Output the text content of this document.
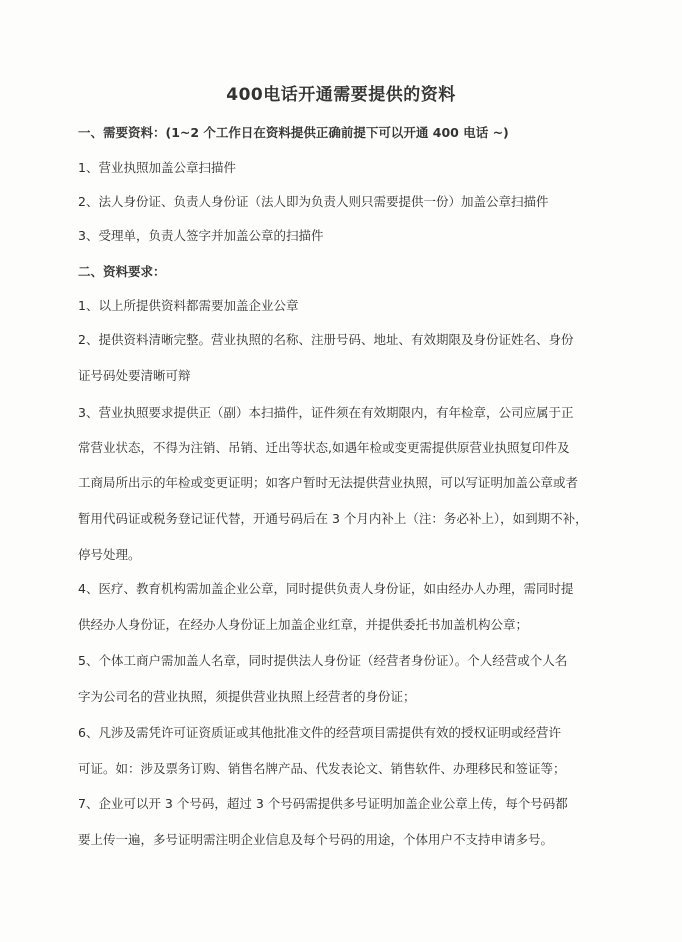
400电话开通需要提供的资料
一、需要资料：(1~2 个工作日在资料提供正确前提下可以开通 400 电话 ~)
1、营业执照加盖公章扫描件
2、法人身份证、负责人身份证（法人即为负责人则只需要提供一份）加盖公章扫描件
3、受理单，负责人签字并加盖公章的扫描件
二、资料要求：
1、以上所提供资料都需要加盖企业公章
2、提供资料清晰完整。营业执照的名称、注册号码、地址、有效期限及身份证姓名、身份
证号码处要清晰可辩
3、营业执照要求提供正（副）本扫描件，证件须在有效期限内，有年检章，公司应属于正
常营业状态，不得为注销、吊销、迁出等状态,如遇年检或变更需提供原营业执照复印件及
工商局所出示的年检或变更证明；如客户暂时无法提供营业执照，可以写证明加盖公章或者
暂用代码证或税务登记证代替，开通号码后在 3 个月内补上（注：务必补上），如到期不补，
停号处理。
4、医疗、教育机构需加盖企业公章，同时提供负责人身份证，如由经办人办理，需同时提
供经办人身份证，在经办人身份证上加盖企业红章，并提供委托书加盖机构公章；
5、个体工商户需加盖人名章，同时提供法人身份证（经营者身份证）。个人经营或个人名
字为公司名的营业执照，须提供营业执照上经营者的身份证；
6、凡涉及需凭许可证资质证或其他批准文件的经营项目需提供有效的授权证明或经营许
可证。如：涉及票务订购、销售名牌产品、代发表论文、销售软件、办理移民和签证等；
7、企业可以开 3 个号码，超过 3 个号码需提供多号证明加盖企业公章上传，每个号码都
要上传一遍，多号证明需注明企业信息及每个号码的用途，个体用户不支持申请多号。
